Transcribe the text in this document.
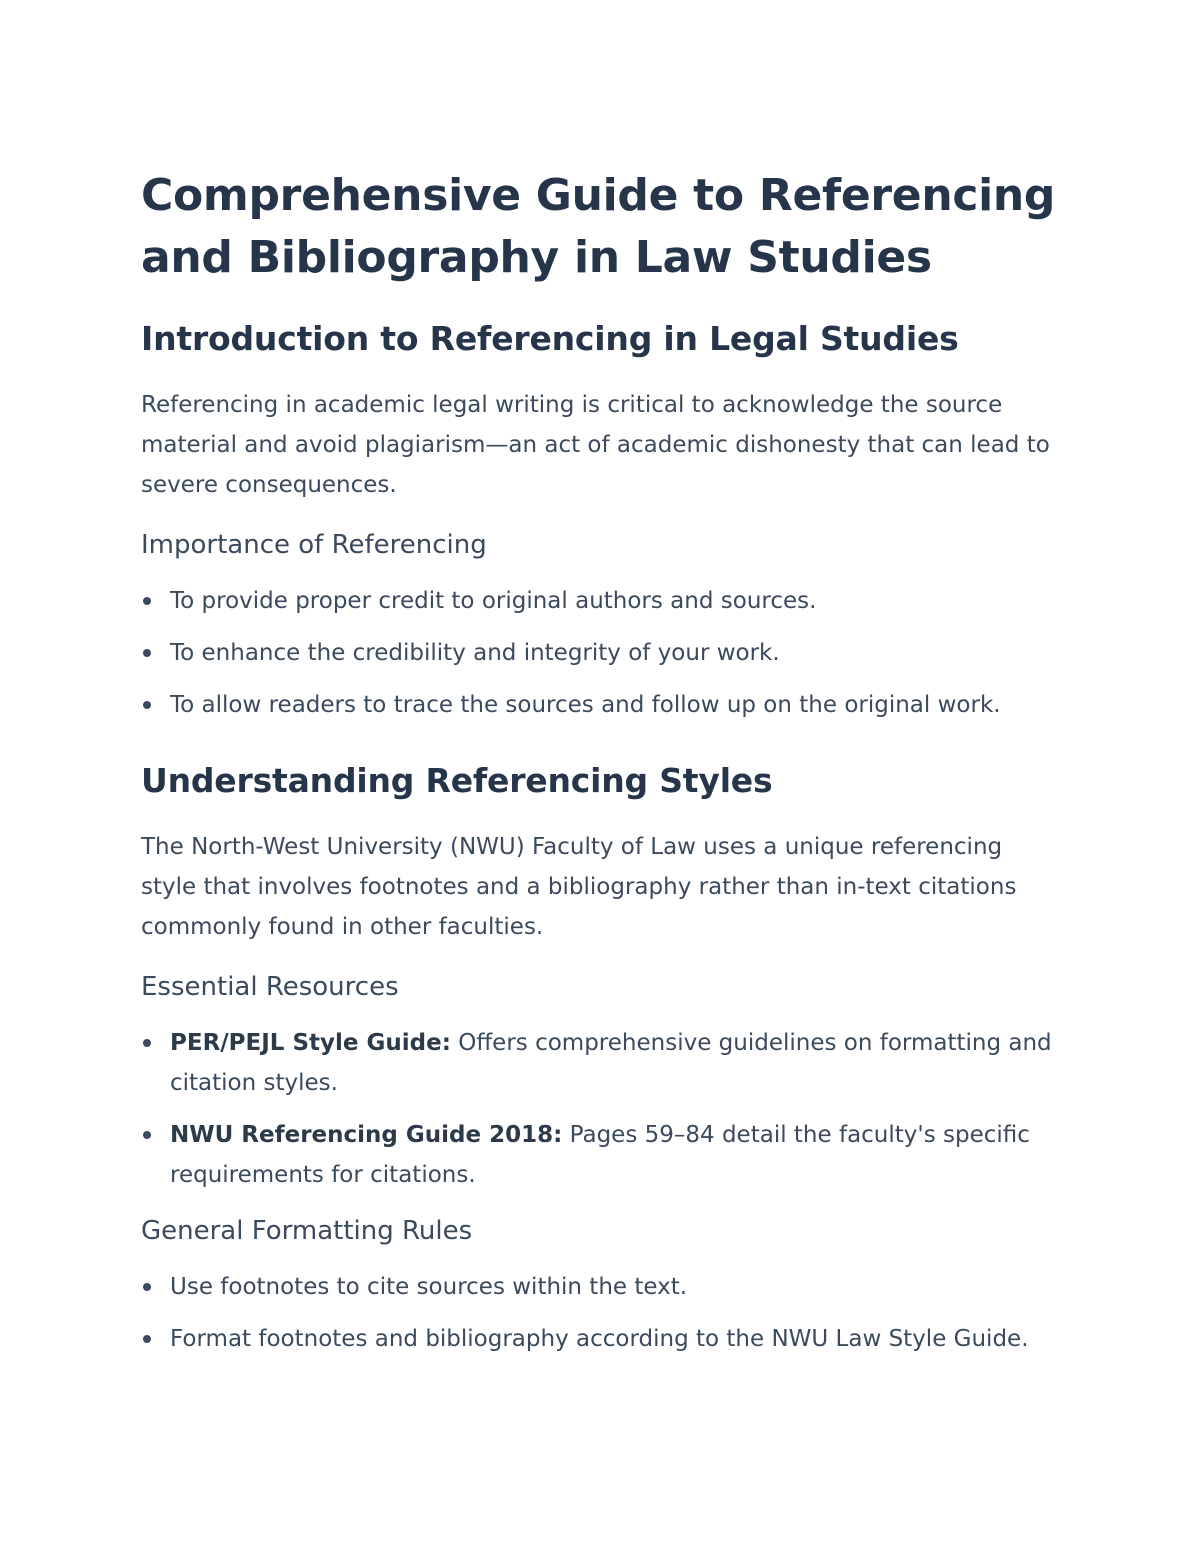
Comprehensive Guide to Referencing and Bibliography in Law Studies
Introduction to Referencing in Legal Studies

Referencing in academic legal writing is critical to acknowledge the source material and avoid plagiarism—an act of academic dishonesty that can lead to severe consequences.

Importance of Referencing
To provide proper credit to original authors and sources.
To enhance the credibility and integrity of your work.
To allow readers to trace the sources and follow up on the original work.
Understanding Referencing Styles

The North-West University (NWU) Faculty of Law uses a unique referencing style that involves footnotes and a bibliography rather than in-text citations commonly found in other faculties.

Essential Resources
PER/PEJL Style Guide: Offers comprehensive guidelines on formatting and citation styles.
NWU Referencing Guide 2018: Pages 59–84 detail the faculty's specific requirements for citations.
General Formatting Rules
Use footnotes to cite sources within the text.
Format footnotes and bibliography according to the NWU Law Style Guide.
